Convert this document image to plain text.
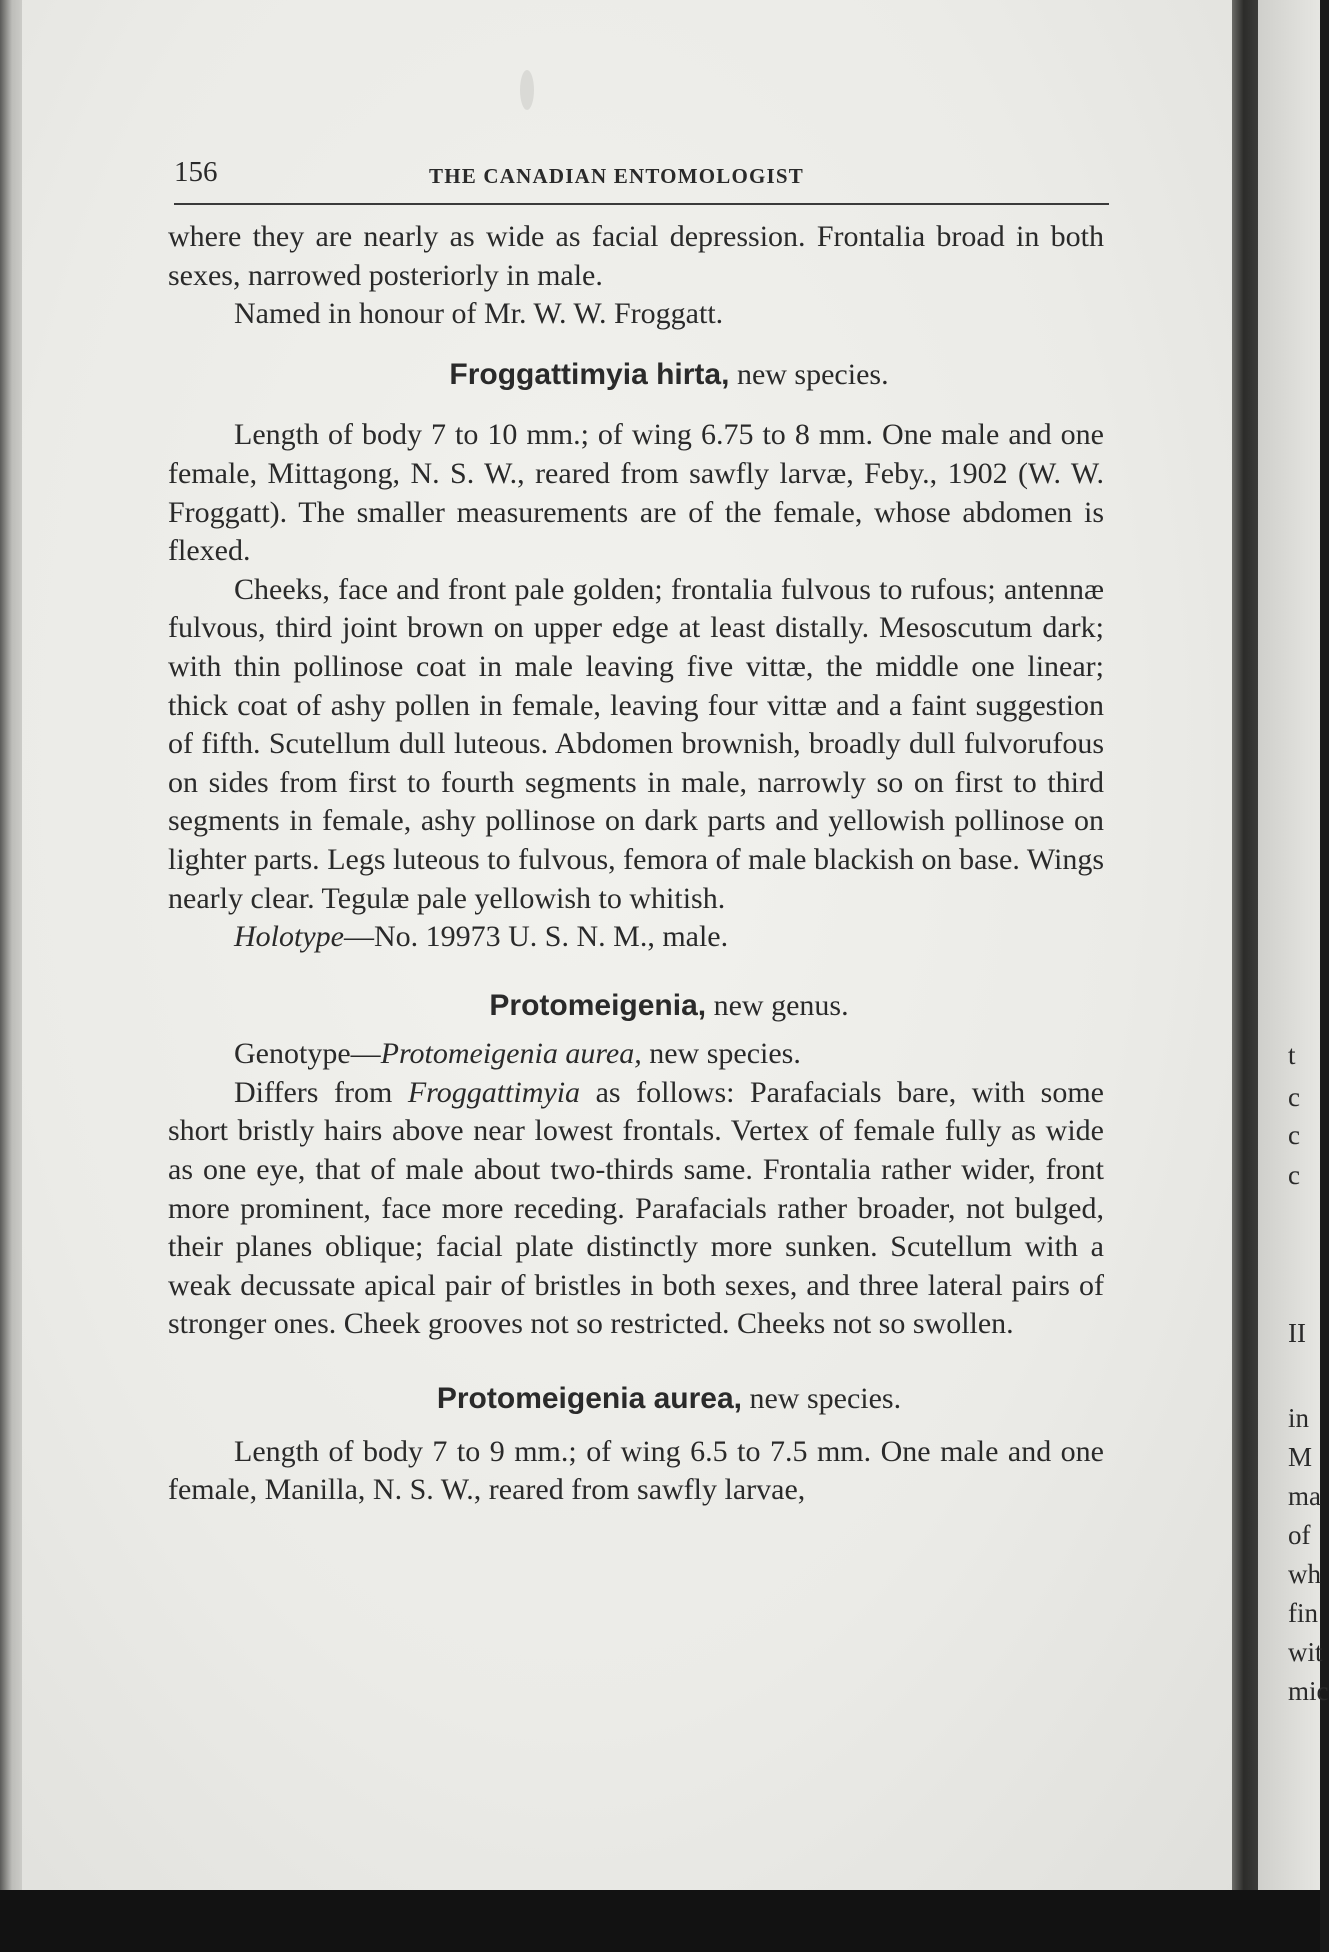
156	THE CANADIAN ENTOMOLOGIST

where they are nearly as wide as facial depression. Frontalia broad in both sexes, narrowed posteriorly in male.

Named in honour of Mr. W. W. Froggatt.

Froggattimyia hirta, new species.

Length of body 7 to 10 mm.; of wing 6.75 to 8 mm. One male and one female, Mittagong, N. S. W., reared from sawfly larvæ, Feby., 1902 (W. W. Froggatt). The smaller measurements are of the female, whose abdomen is flexed.

Cheeks, face and front pale golden; frontalia fulvous to rufous; antennæ fulvous, third joint brown on upper edge at least distally. Mesoscutum dark; with thin pollinose coat in male leaving five vittæ, the middle one linear; thick coat of ashy pollen in female, leaving four vittæ and a faint suggestion of fifth. Scutellum dull luteous. Abdomen brownish, broadly dull fulvorufous on sides from first to fourth segments in male, narrowly so on first to third segments in female, ashy pollinose on dark parts and yellowish pollinose on lighter parts. Legs luteous to fulvous, femora of male blackish on base. Wings nearly clear. Tegulæ pale yellowish to whitish.

Holotype—No. 19973 U. S. N. M., male.

Protomeigenia, new genus.

Genotype—Protomeigenia aurea, new species.

Differs from Froggattimyia as follows: Parafacials bare, with some short bristly hairs above near lowest frontals. Vertex of female fully as wide as one eye, that of male about two-thirds same. Frontalia rather wider, front more prominent, face more receding. Parafacials rather broader, not bulged, their planes oblique; facial plate distinctly more sunken. Scutellum with a weak decussate apical pair of bristles in both sexes, and three lateral pairs of stronger ones. Cheek grooves not so restricted. Cheeks not so swollen.

Protomeigenia aurea, new species.

Length of body 7 to 9 mm.; of wing 6.5 to 7.5 mm. One male and one female, Manilla, N. S. W., reared from sawfly larvae,

t
c
c
c
II
in
M
ma
of
wh
fin
wit
mic
